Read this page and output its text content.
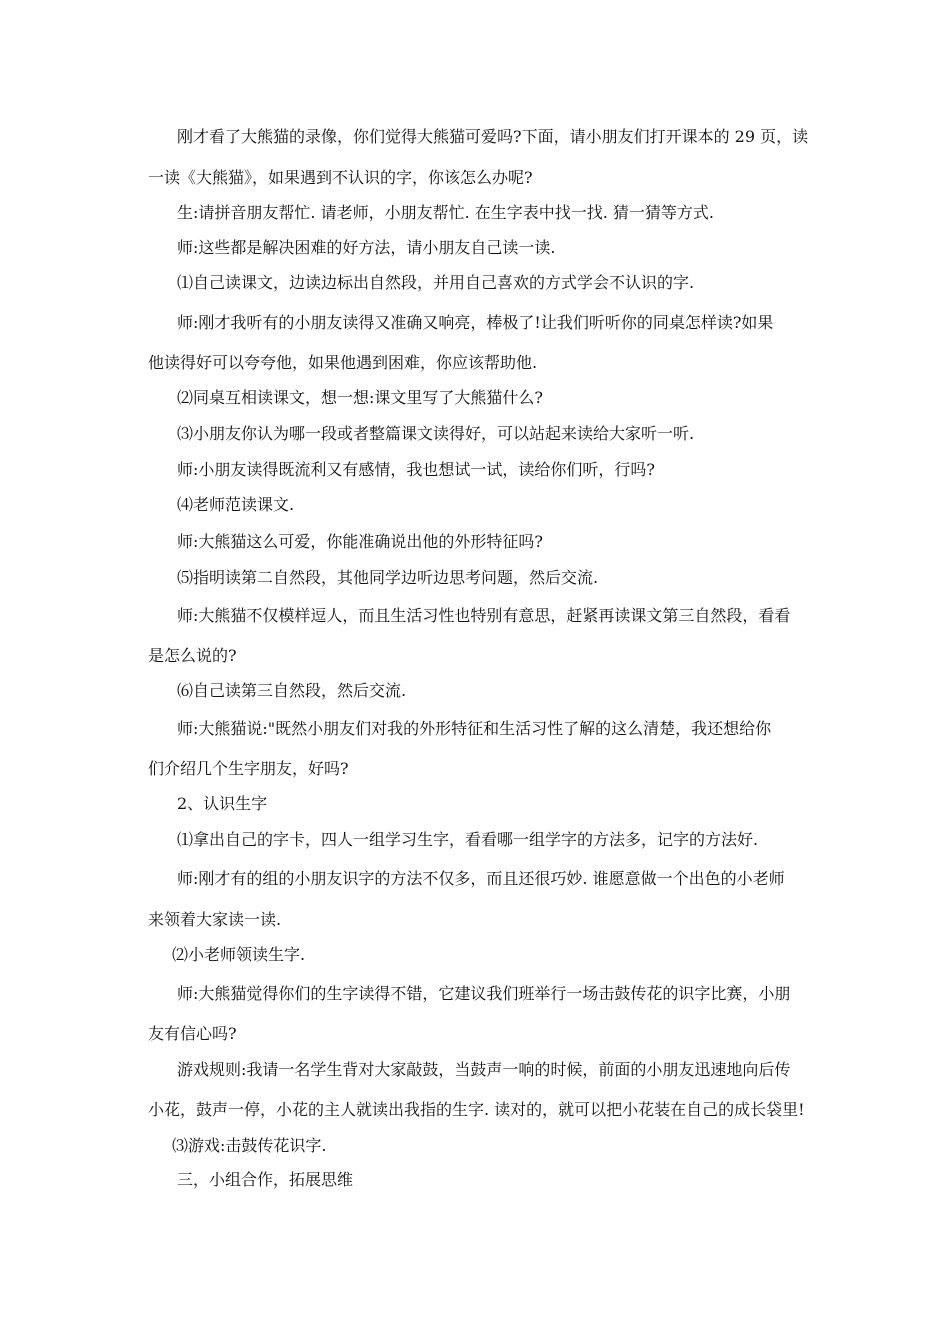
刚才看了大熊猫的录像，你们觉得大熊猫可爱吗?下面，请小朋友们打开课本的 29 页，读
一读《大熊猫》，如果遇到不认识的字，你该怎么办呢?
生:请拼音朋友帮忙. 请老师，小朋友帮忙. 在生字表中找一找. 猜一猜等方式.
师:这些都是解决困难的好方法，请小朋友自己读一读.
⑴自己读课文，边读边标出自然段，并用自己喜欢的方式学会不认识的字.
师:刚才我听有的小朋友读得又准确又响亮，棒极了!让我们听听你的同桌怎样读?如果
他读得好可以夸夸他，如果他遇到困难，你应该帮助他.
⑵同桌互相读课文，想一想:课文里写了大熊猫什么?
⑶小朋友你认为哪一段或者整篇课文读得好，可以站起来读给大家听一听.
师:小朋友读得既流利又有感情，我也想试一试，读给你们听，行吗?
⑷老师范读课文.
师:大熊猫这么可爱，你能准确说出他的外形特征吗?
⑸指明读第二自然段，其他同学边听边思考问题，然后交流.
师:大熊猫不仅模样逗人，而且生活习性也特别有意思，赶紧再读课文第三自然段，看看
是怎么说的?
⑹自己读第三自然段，然后交流.
师:大熊猫说:"既然小朋友们对我的外形特征和生活习性了解的这么清楚，我还想给你
们介绍几个生字朋友，好吗?
2、认识生字
⑴拿出自己的字卡，四人一组学习生字，看看哪一组学字的方法多，记字的方法好.
师:刚才有的组的小朋友识字的方法不仅多，而且还很巧妙. 谁愿意做一个出色的小老师
来领着大家读一读.
⑵小老师领读生字.
师:大熊猫觉得你们的生字读得不错，它建议我们班举行一场击鼓传花的识字比赛，小朋
友有信心吗?
游戏规则:我请一名学生背对大家敲鼓，当鼓声一响的时候，前面的小朋友迅速地向后传
小花，鼓声一停，小花的主人就读出我指的生字. 读对的，就可以把小花装在自己的成长袋里!
⑶游戏:击鼓传花识字.
三，小组合作，拓展思维
